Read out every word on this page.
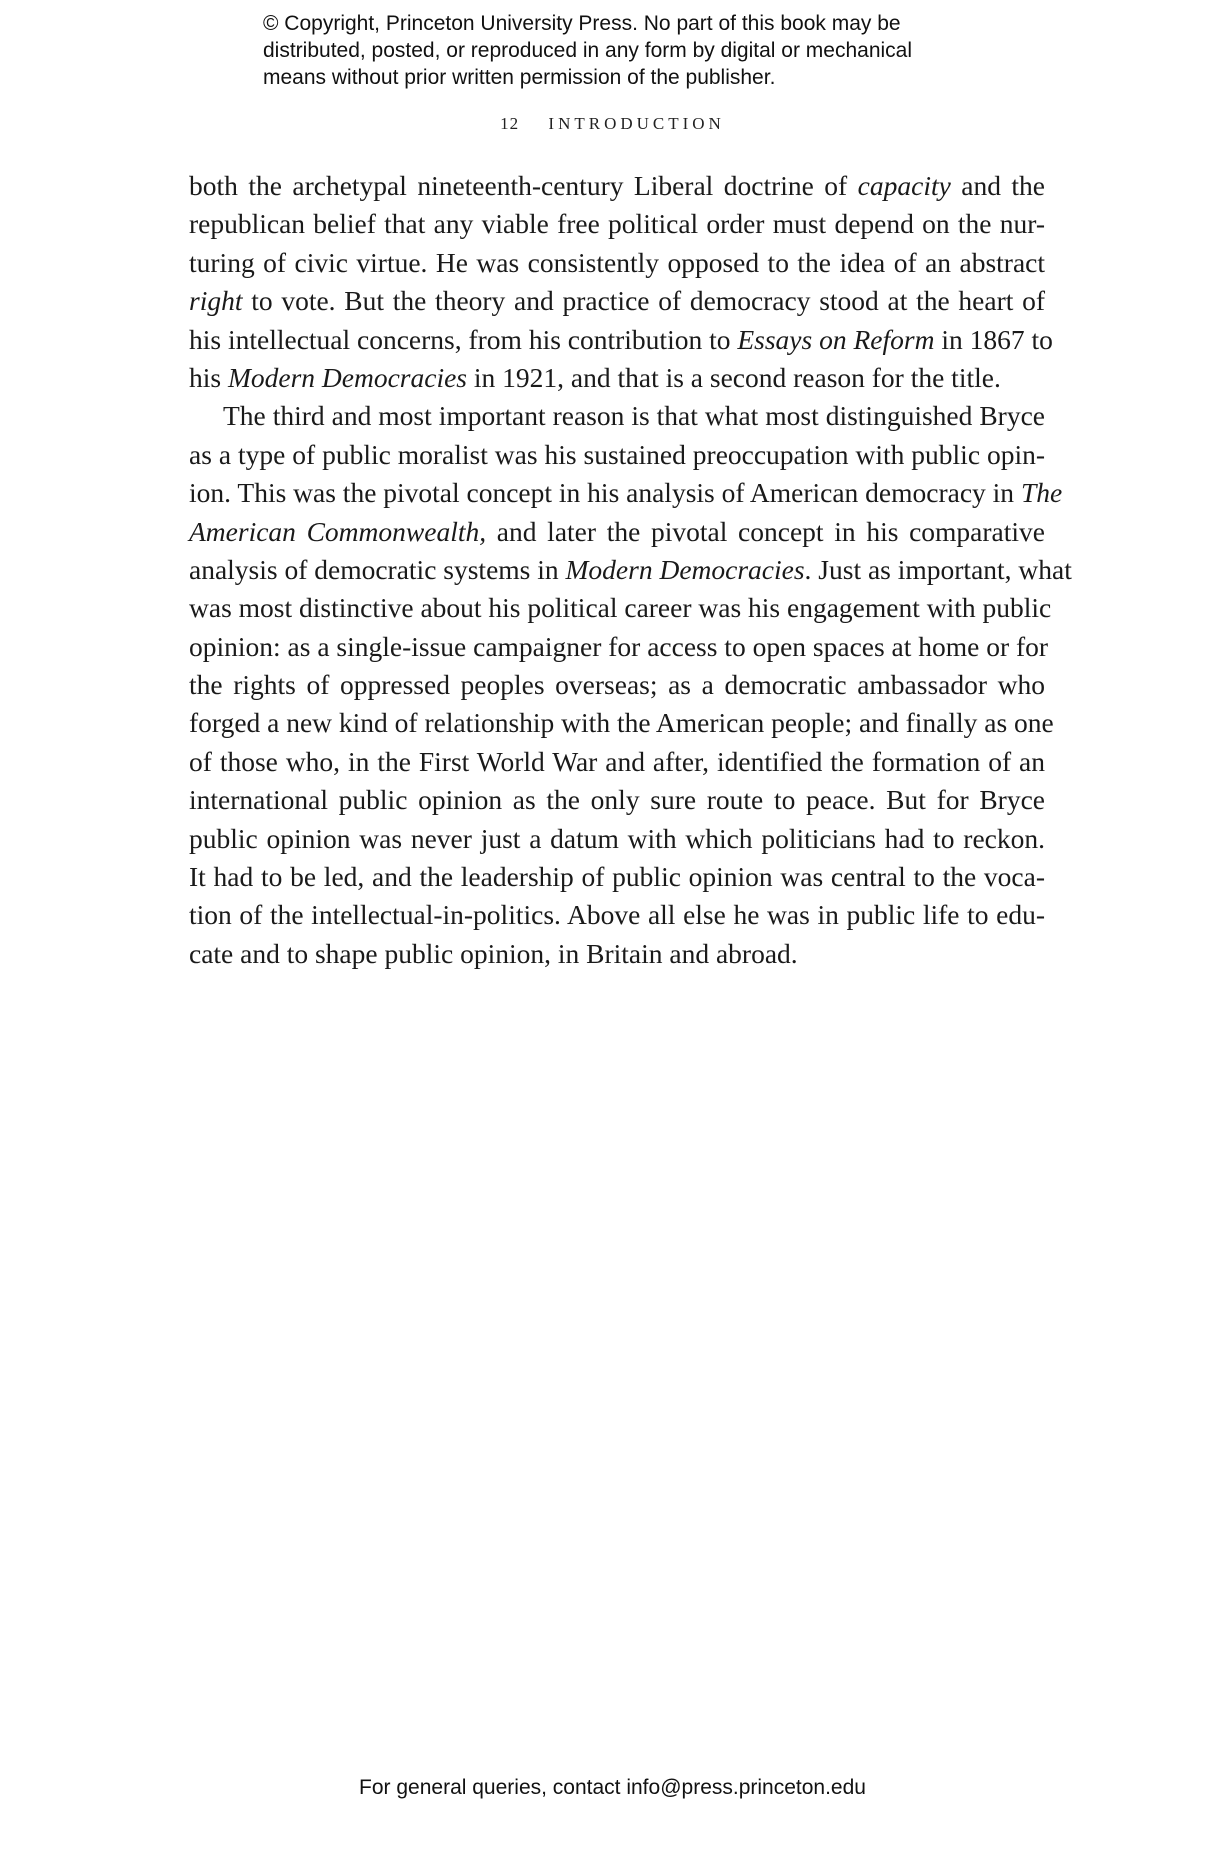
© Copyright, Princeton University Press. No part of this book may be
distributed, posted, or reproduced in any form by digital or mechanical
means without prior written permission of the publisher.
12 INTRODUCTION
both the archetypal nineteenth-century Liberal doctrine of capacity and the
republican belief that any viable free political order must depend on the nur-
turing of civic virtue. He was consistently opposed to the idea of an abstract
right to vote. But the theory and practice of democracy stood at the heart of
his intellectual concerns, from his contribution to Essays on Reform in 1867 to
his Modern Democracies in 1921, and that is a second reason for the title.
The third and most important reason is that what most distinguished Bryce
as a type of public moralist was his sustained preoccupation with public opin-
ion. This was the pivotal concept in his analysis of American democracy in The
American Commonwealth, and later the pivotal concept in his comparative
analysis of democratic systems in Modern Democracies. Just as important, what
was most distinctive about his political career was his engagement with public
opinion: as a single-issue campaigner for access to open spaces at home or for
the rights of oppressed peoples overseas; as a democratic ambassador who
forged a new kind of relationship with the American people; and finally as one
of those who, in the First World War and after, identified the formation of an
international public opinion as the only sure route to peace. But for Bryce
public opinion was never just a datum with which politicians had to reckon.
It had to be led, and the leadership of public opinion was central to the voca-
tion of the intellectual-in-politics. Above all else he was in public life to edu-
cate and to shape public opinion, in Britain and abroad.
For general queries, contact info@press.princeton.edu
